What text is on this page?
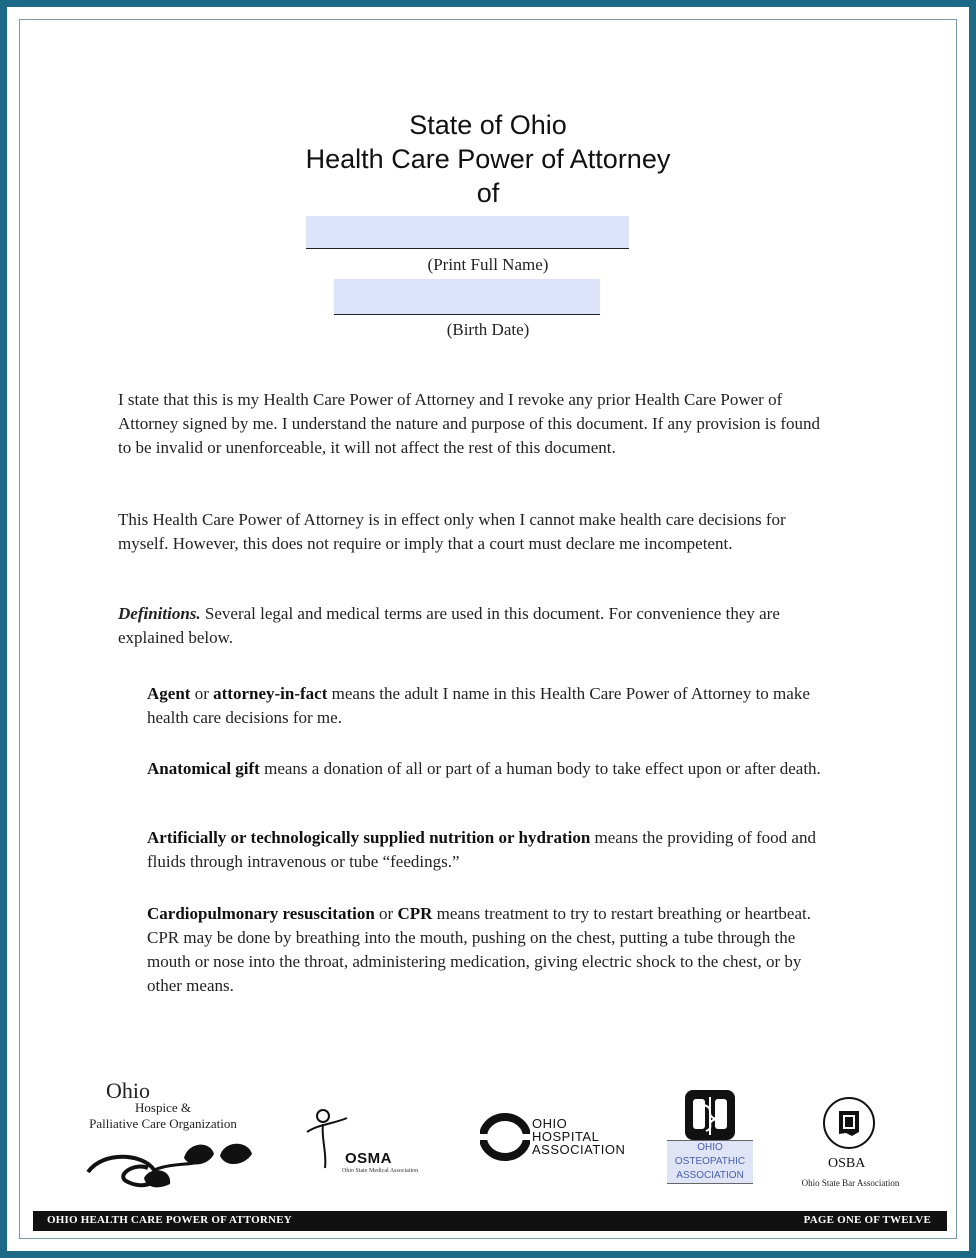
State of Ohio
Health Care Power of Attorney
of
(Print Full Name)
(Birth Date)

I state that this is my Health Care Power of Attorney and I revoke any prior Health Care Power of Attorney signed by me. I understand the nature and purpose of this document. If any provision is found to be invalid or unenforceable, it will not affect the rest of this document.

This Health Care Power of Attorney is in effect only when I cannot make health care decisions for myself. However, this does not require or imply that a court must declare me incompetent.

Definitions. Several legal and medical terms are used in this document. For convenience they are explained below.

Agent or attorney-in-fact means the adult I name in this Health Care Power of Attorney to make health care decisions for me.

Anatomical gift means a donation of all or part of a human body to take effect upon or after death.

Artificially or technologically supplied nutrition or hydration means the providing of food and fluids through intravenous or tube “feedings.”

Cardiopulmonary resuscitation or CPR means treatment to try to restart breathing or heartbeat. CPR may be done by breathing into the mouth, pushing on the chest, putting a tube through the mouth or nose into the throat, administering medication, giving electric shock to the chest, or by other means.

Ohio
Hospice &
Palliative Care Organization
OSMA
Ohio State Medical Association
OHIO
HOSPITAL
ASSOCIATION	OHIO
OSTEOPATHIC
ASSOCIATION
OSBA
Ohio State Bar Association
OHIO HEALTH CARE POWER OF ATTORNEY	PAGE ONE OF TWELVE
